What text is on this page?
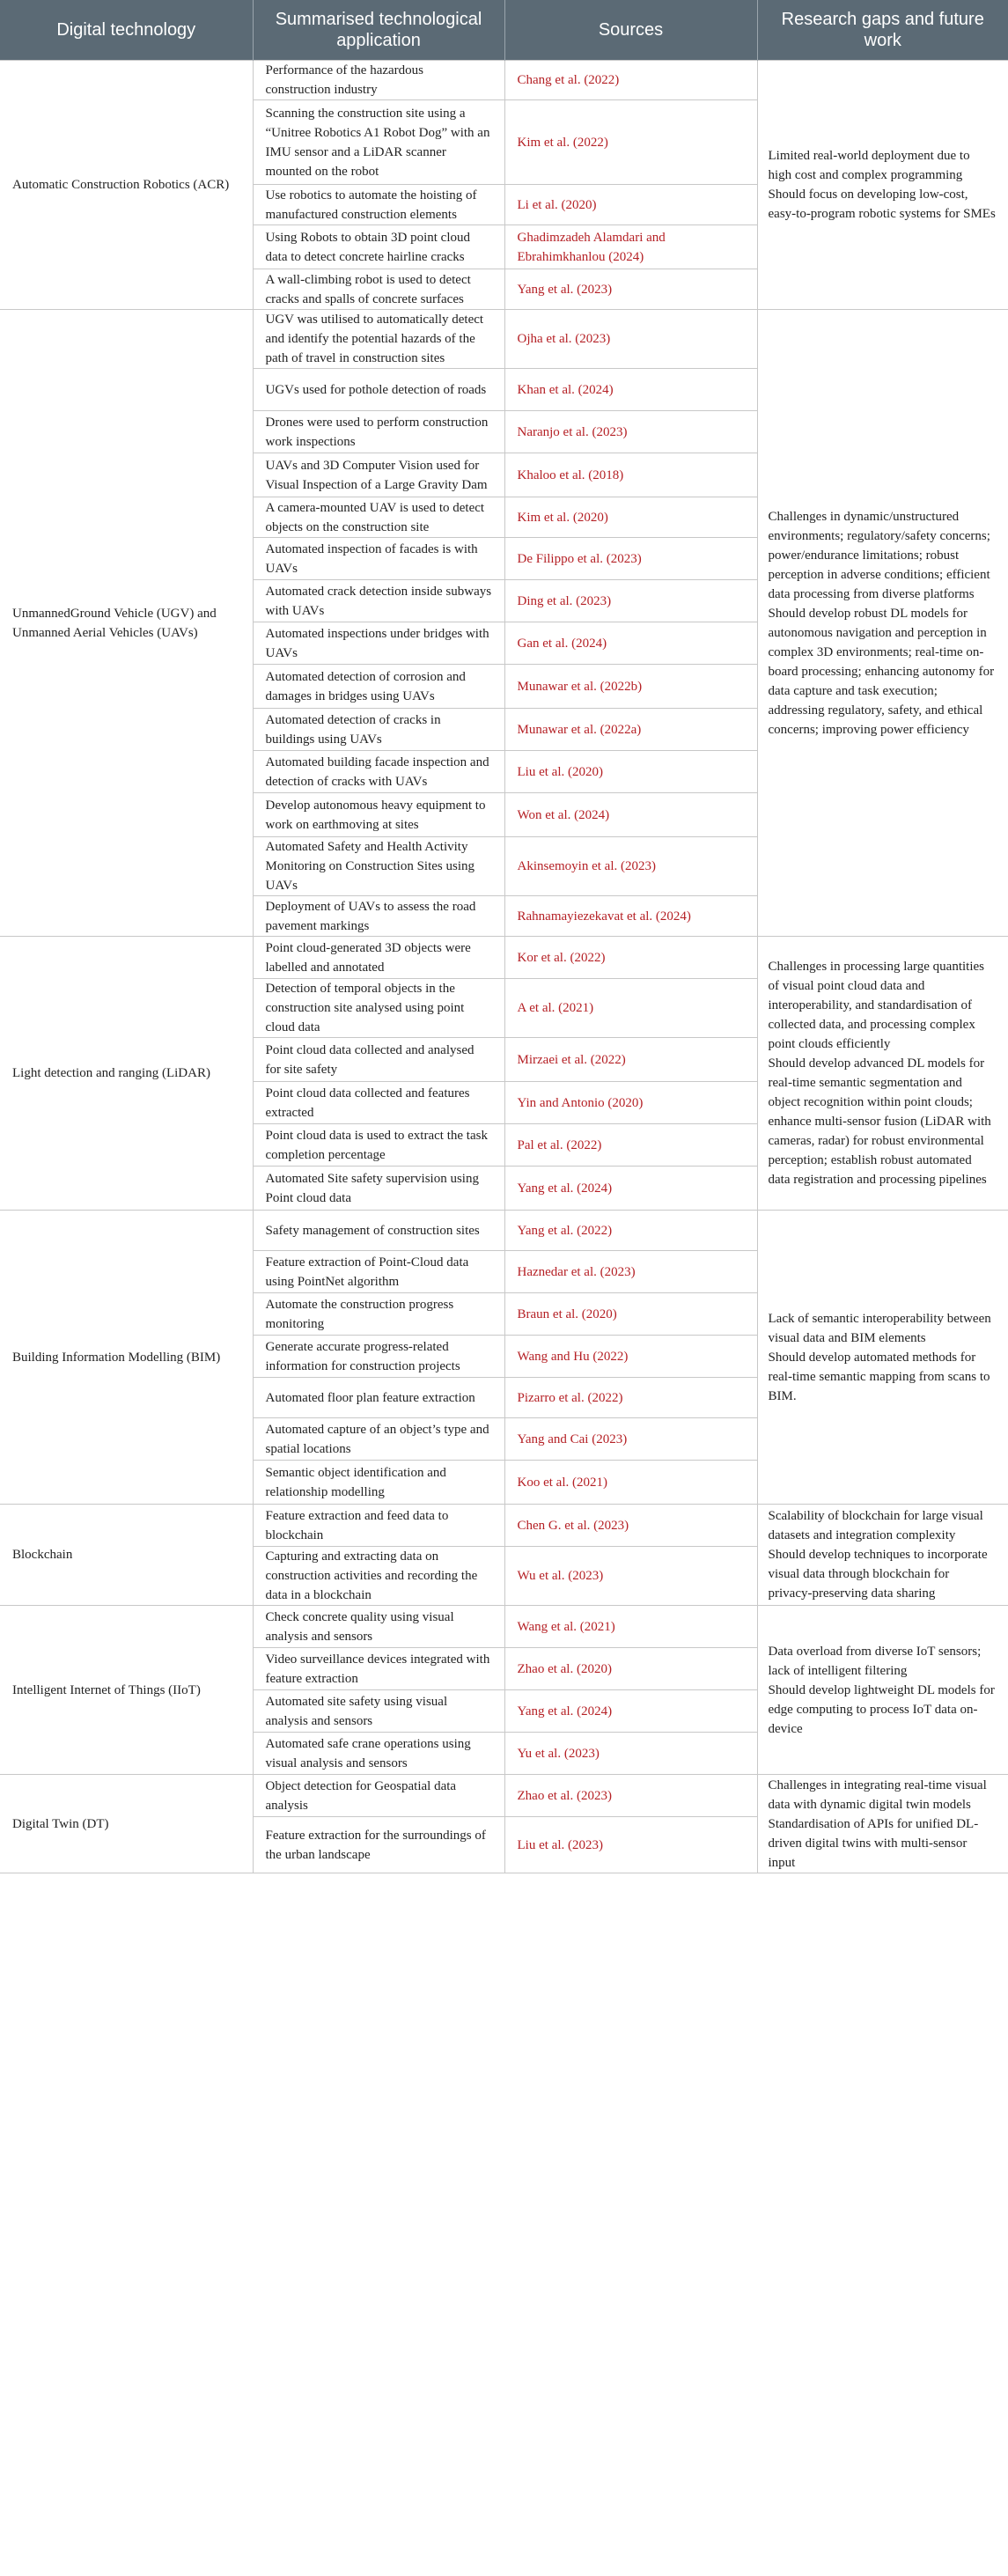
Digital technology	Summarised technological application	Sources	Research gaps and future work
Automatic Construction Robotics (ACR)	Performance of the hazardous construction industry	Chang et al. (2022)	Limited real-world deployment due to high cost and complex programming
Should focus on developing low-cost, easy-to-program robotic systems for SMEs

	Scanning the construction site using a “Unitree Robotics A1 Robot Dog” with an IMU sensor and a LiDAR scanner mounted on the robot	Kim et al. (2022)	
	Use robotics to automate the hoisting of manufactured construction elements	Li et al. (2020)	
	Using Robots to obtain 3D point cloud data to detect concrete hairline cracks	Ghadimzadeh Alamdari and Ebrahimkhanlou (2024)	
	A wall-climbing robot is used to detect cracks and spalls of concrete surfaces	Yang et al. (2023)	
UnmannedGround Vehicle (UGV) and Unmanned Aerial Vehicles (UAVs)	UGV was utilised to automatically detect and identify the potential hazards of the path of travel in construction sites	Ojha et al. (2023)	Challenges in dynamic/unstructured environments; regulatory/safety concerns; power/endurance limitations; robust perception in adverse conditions; efficient data processing from diverse platforms
Should develop robust DL models for autonomous navigation and perception in complex 3D environments; real-time on-board processing; enhancing autonomy for data capture and task execution; addressing regulatory, safety, and ethical concerns; improving power efficiency

	UGVs used for pothole detection of roads	Khan et al. (2024)	
	Drones were used to perform construction work inspections	Naranjo et al. (2023)	
	UAVs and 3D Computer Vision used for Visual Inspection of a Large Gravity Dam	Khaloo et al. (2018)	
	A camera-mounted UAV is used to detect objects on the construction site	Kim et al. (2020)	
	Automated inspection of facades is with UAVs	De Filippo et al. (2023)	
	Automated crack detection inside subways with UAVs	Ding et al. (2023)	
	Automated inspections under bridges with UAVs	Gan et al. (2024)	
	Automated detection of corrosion and damages in bridges using UAVs	Munawar et al. (2022b)	
	Automated detection of cracks in buildings using UAVs	Munawar et al. (2022a)	
	Automated building facade inspection and detection of cracks with UAVs	Liu et al. (2020)	
	Develop autonomous heavy equipment to work on earthmoving at sites	Won et al. (2024)	
	Automated Safety and Health Activity Monitoring on Construction Sites using UAVs	Akinsemoyin et al. (2023)	
	Deployment of UAVs to assess the road pavement markings	Rahnamayiezekavat et al. (2024)	
Light detection and ranging (LiDAR)	Point cloud-generated 3D objects were labelled and annotated	Kor et al. (2022)	Challenges in processing large quantities of visual point cloud data and interoperability, and standardisation of collected data, and processing complex point clouds efficiently
Should develop advanced DL models for real-time semantic segmentation and object recognition within point clouds; enhance multi-sensor fusion (LiDAR with cameras, radar) for robust environmental perception; establish robust automated data registration and processing pipelines

	Detection of temporal objects in the construction site analysed using point cloud data	A et al. (2021)	
	Point cloud data collected and analysed for site safety	Mirzaei et al. (2022)	
	Point cloud data collected and features extracted	Yin and Antonio (2020)	
	Point cloud data is used to extract the task completion percentage	Pal et al. (2022)	
	Automated Site safety supervision using Point cloud data	Yang et al. (2024)	
Building Information Modelling (BIM)	Safety management of construction sites	Yang et al. (2022)	Lack of semantic interoperability between visual data and BIM elements
Should develop automated methods for real-time semantic mapping from scans to BIM.

	Feature extraction of Point-Cloud data using PointNet algorithm	Haznedar et al. (2023)	
	Automate the construction progress monitoring	Braun et al. (2020)	
	Generate accurate progress-related information for construction projects	Wang and Hu (2022)	
	Automated floor plan feature extraction	Pizarro et al. (2022)	
	Automated capture of an object’s type and spatial locations	Yang and Cai (2023)	
	Semantic object identification and relationship modelling	Koo et al. (2021)	
Blockchain	Feature extraction and feed data to blockchain	Chen G. et al. (2023)	Scalability of blockchain for large visual datasets and integration complexity
Should develop techniques to incorporate visual data through blockchain for privacy-preserving data sharing

	Capturing and extracting data on construction activities and recording the data in a blockchain	Wu et al. (2023)	
Intelligent Internet of Things (IIoT)	Check concrete quality using visual analysis and sensors	Wang et al. (2021)	Data overload from diverse IoT sensors; lack of intelligent filtering
Should develop lightweight DL models for edge computing to process IoT data on-device

	Video surveillance devices integrated with feature extraction	Zhao et al. (2020)	
	Automated site safety using visual analysis and sensors	Yang et al. (2024)	
	Automated safe crane operations using visual analysis and sensors	Yu et al. (2023)	
Digital Twin (DT)	Object detection for Geospatial data analysis	Zhao et al. (2023)	Challenges in integrating real-time visual data with dynamic digital twin models
Standardisation of APIs for unified DL-driven digital twins with multi-sensor input

	Feature extraction for the surroundings of the urban landscape	Liu et al. (2023)	
